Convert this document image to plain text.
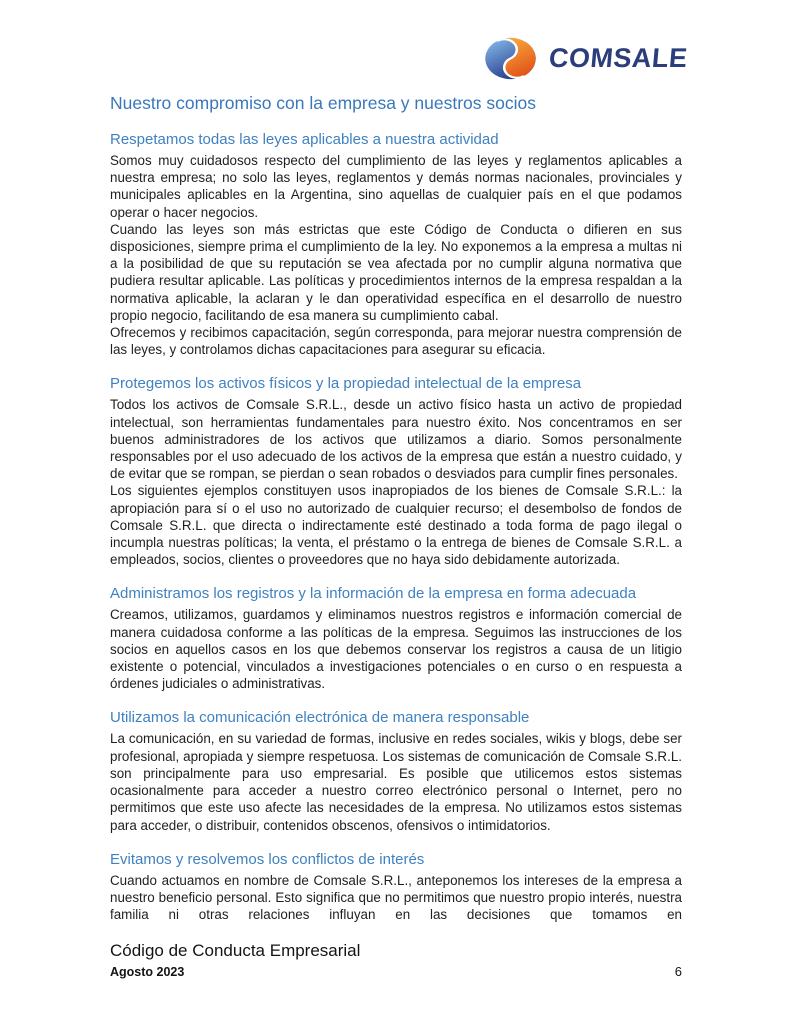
COMSALE
Nuestro compromiso con la empresa y nuestros socios
Respetamos todas las leyes aplicables a nuestra actividad

Somos muy cuidadosos respecto del cumplimiento de las leyes y reglamentos aplicables a nuestra empresa; no solo las leyes, reglamentos y demás normas nacionales, provinciales y municipales aplicables en la Argentina, sino aquellas de cualquier país en el que podamos operar o hacer negocios.

Cuando las leyes son más estrictas que este Código de Conducta o difieren en sus disposiciones, siempre prima el cumplimiento de la ley. No exponemos a la empresa a multas ni a la posibilidad de que su reputación se vea afectada por no cumplir alguna normativa que pudiera resultar aplicable. Las políticas y procedimientos internos de la empresa respaldan a la normativa aplicable, la aclaran y le dan operatividad específica en el desarrollo de nuestro propio negocio, facilitando de esa manera su cumplimiento cabal.

Ofrecemos y recibimos capacitación, según corresponda, para mejorar nuestra comprensión de las leyes, y controlamos dichas capacitaciones para asegurar su eficacia.

Protegemos los activos físicos y la propiedad intelectual de la empresa

Todos los activos de Comsale S.R.L., desde un activo físico hasta un activo de propiedad intelectual, son herramientas fundamentales para nuestro éxito. Nos concentramos en ser buenos administradores de los activos que utilizamos a diario. Somos personalmente responsables por el uso adecuado de los activos de la empresa que están a nuestro cuidado, y de evitar que se rompan, se pierdan o sean robados o desviados para cumplir fines personales.

Los siguientes ejemplos constituyen usos inapropiados de los bienes de Comsale S.R.L.: la apropiación para sí o el uso no autorizado de cualquier recurso; el desembolso de fondos de Comsale S.R.L. que directa o indirectamente esté destinado a toda forma de pago ilegal o incumpla nuestras políticas; la venta, el préstamo o la entrega de bienes de Comsale S.R.L. a empleados, socios, clientes o proveedores que no haya sido debidamente autorizada.

Administramos los registros y la información de la empresa en forma adecuada

Creamos, utilizamos, guardamos y eliminamos nuestros registros e información comercial de manera cuidadosa conforme a las políticas de la empresa. Seguimos las instrucciones de los socios en aquellos casos en los que debemos conservar los registros a causa de un litigio existente o potencial, vinculados a investigaciones potenciales o en curso o en respuesta a órdenes judiciales o administrativas.

Utilizamos la comunicación electrónica de manera responsable

La comunicación, en su variedad de formas, inclusive en redes sociales, wikis y blogs, debe ser profesional, apropiada y siempre respetuosa. Los sistemas de comunicación de Comsale S.R.L. son principalmente para uso empresarial. Es posible que utilicemos estos sistemas ocasionalmente para acceder a nuestro correo electrónico personal o Internet, pero no permitimos que este uso afecte las necesidades de la empresa. No utilizamos estos sistemas para acceder, o distribuir, contenidos obscenos, ofensivos o intimidatorios.

Evitamos y resolvemos los conflictos de interés

Cuando actuamos en nombre de Comsale S.R.L., anteponemos los intereses de la empresa a nuestro beneficio personal. Esto significa que no permitimos que nuestro propio interés, nuestra familia ni otras relaciones influyan en las decisiones que tomamos en

Código de Conducta Empresarial
Agosto 2023	6
